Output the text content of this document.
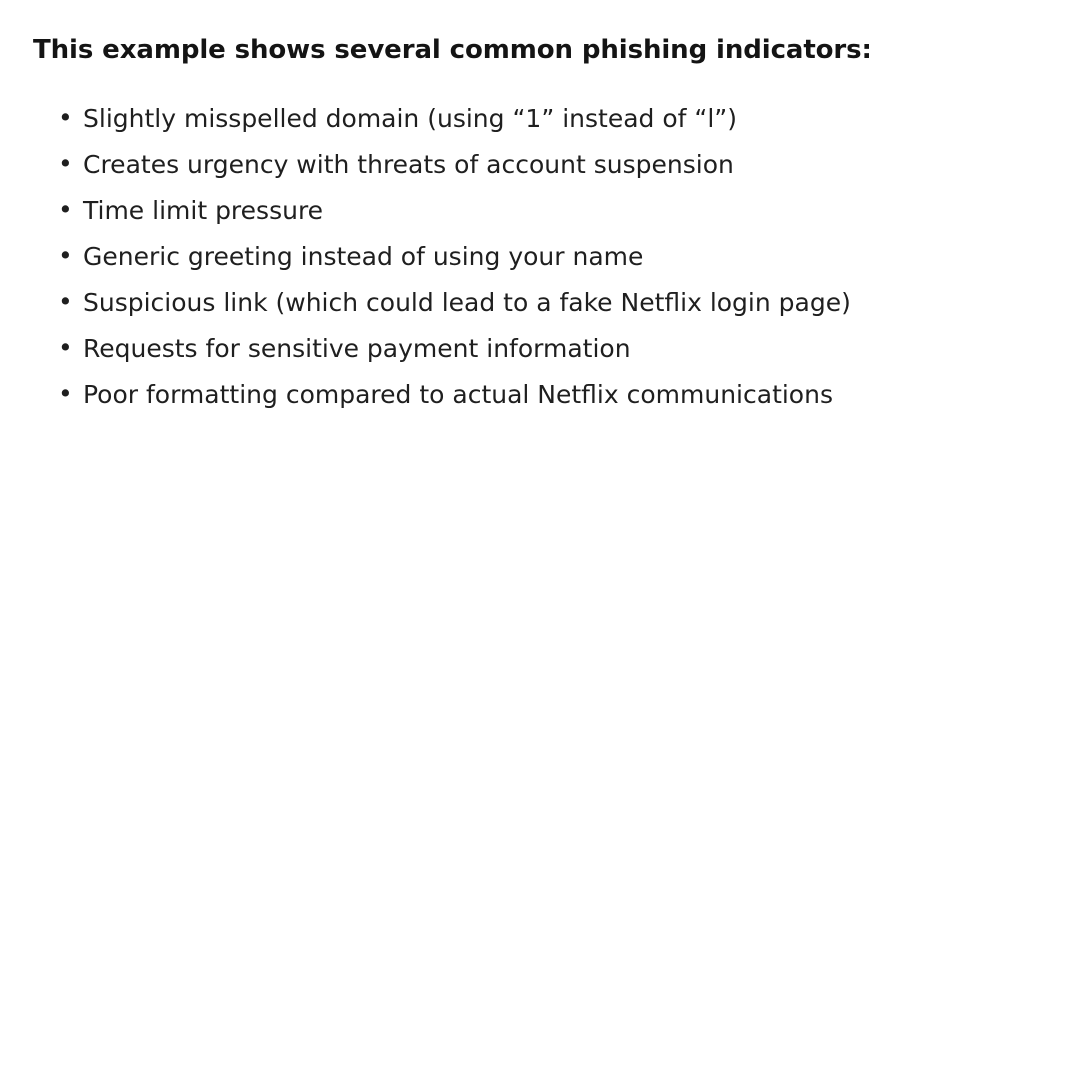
This example shows several common phishing indicators:
• Slightly misspelled domain (using “1” instead of “l”)
• Creates urgency with threats of account suspension
• Time limit pressure
• Generic greeting instead of using your name
• Suspicious link (which could lead to a fake Netflix login page)
• Requests for sensitive payment information
• Poor formatting compared to actual Netflix communications
